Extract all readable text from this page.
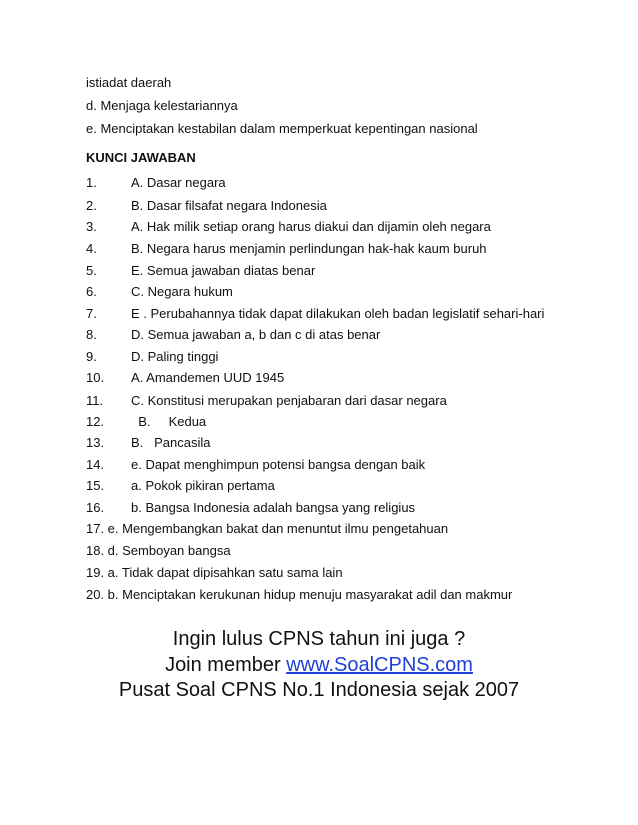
istiadat daerah
d. Menjaga kelestariannya
e. Menciptakan kestabilan dalam memperkuat kepentingan nasional
KUNCI JAWABAN
1.	A. Dasar negara
2.	B. Dasar filsafat negara Indonesia
3.	A. Hak milik setiap orang harus diakui dan dijamin oleh negara
4.	B. Negara harus menjamin perlindungan hak-hak kaum buruh
5.	E. Semua jawaban diatas benar
6.	C. Negara hukum
7.	E . Perubahannya tidak dapat dilakukan oleh badan legislatif sehari-hari
8.	D. Semua jawaban a, b dan c di atas benar
9.	D. Paling tinggi
10. A. Amandemen UUD 1945
11. C. Konstitusi merupakan penjabaran dari dasar negara
12. B.     Kedua
13. B.   Pancasila
14. e. Dapat menghimpun potensi bangsa dengan baik
15. a. Pokok pikiran pertama
16. b. Bangsa Indonesia adalah bangsa yang religius
17. e. Mengembangkan bakat dan menuntut ilmu pengetahuan
18. d. Semboyan bangsa
19. a. Tidak dapat dipisahkan satu sama lain
20. b. Menciptakan kerukunan hidup menuju masyarakat adil dan makmur
Ingin lulus CPNS tahun ini juga ?
Join member www.SoalCPNS.com
Pusat Soal CPNS No.1 Indonesia sejak 2007
